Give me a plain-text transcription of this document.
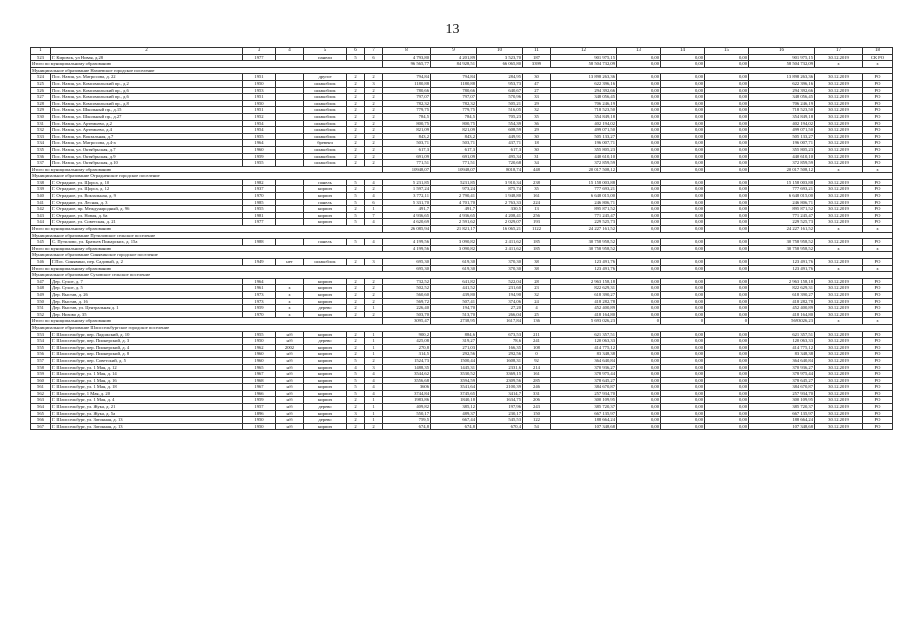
13
1	2	3	4	5	6	7	8	9	10	11	12	13	14	15	16	17	18
523	Г. Кировск, ул Новая, д.28	1977		панели	5	6	4 793,80	4 201,89	3 523,70	187	901 975,15	0,00	0,00	0,00	901 975,15	30.12.2019	СК РО
Итого по муниципальному образованию							96 565,77	84 928,51	66 065,80	3399	58 504 732,09	0,00	0,00	0,00	58 504 732,09	x	x
Муниципальное образование Назиевское городское поселение																	
524	Пос. Назия, ул. Матросова, д. 22	1951		другое	2	2	794,84	794,84	284,95	30	13 898 263,36	0,00	0,00	0,00	13 898 263,36	30.12.2019	РО
525	Пос. Назия, ул. Комсомольский пр., д.2	1950		шлакоблок	2	3	1180,88	1180,88	953,73	47	622 396,16	0,00	0,00	0,00	622 396,16	30.12.2019	РО
526	Пос. Назия, ул. Комсомольский пр., д.6	1953		шлакоблок	2	2	780,66	780,66	640,67	27	294 392,66	0,00	0,00	0,00	294 392,66	30.12.2019	РО
527	Пос. Назия, ул. Комсомольский пр., д.6	1951		шлакоблок	2	2	797,07	797,07	570,96	33	348 056,45	0,00	0,00	0,00	348 056,45	30.12.2019	РО
528	Пос. Назия, ул. Комсомольский пр., д.8	1950		шлакоблок	2	2	782,32	782,32	505,21	29	706 246,19	0,00	0,00	0,00	706 246,19	30.12.2019	РО
529	Пос. Назия, ул. Школьный пр., д.15	1951		шлакоблок	2	2	779,75	779,75	516,05	32	718 523,50	0,00	0,00	0,00	718 523,50	30.12.2019	РО
530	Пос. Назия, ул. Школьный пр., д.27	1952		шлакоблок	2	2	784,5	784,5	705,23	35	354 849,18	0,00	0,00	0,00	354 849,18	30.12.2019	РО
531	Пос. Назия, ул. Артемьево, д.2	1954		шлакоблок	2	2	800,75	800,75	554,39	36	402 194,02	0,00	0,00	0,00	402 194,02	30.12.2019	РО
532	Пос. Назия, ул. Артемьево, д.4	1954		шлакоблок	2	2	821,09	821,09	608,59	29	499 071,50	0,00	0,00	0,00	499 071,50	30.12.2019	РО
533	Пос. Назия, ул. Вокзальная, д.7	1955		шлакоблок	2	2	843,2	843,2	449,91	30	505 133,27	0,00	0,00	0,00	505 133,27	30.12.2019	РО
534	Пос. Назия, ул. Матросова, д.4-а	1964		бревенч	2	2	503,71	503,71	437,71	18	196 007,71	0,00	0,00	0,00	196 007,71	30.12.2019	РО
535	Пос. Назия, ул. Октябрьская, д.7	1960		шлакоблок	2	2	617,3	617,3	617,3	30	355 805,23	0,00	0,00	0,00	355 805,23	30.12.2019	РО
536	Пос. Назия, ул. Октябрьская, д.9	1959		шлакоблок	2	2	691,09	691,09	495,34	31	440 610,10	0,00	0,00	0,00	440 610,10	30.12.2019	РО
537	Пос. Назия, ул. Октябрьская, д.10	1955		шлакоблок	2	2	771,51	771,51	720,68	34	372 859,59	0,00	0,00	0,00	372 859,59	30.12.2019	РО
Итого по муниципальному образованию							10948,07	10948,07	8018,74	448	20 017 508,12	0,00	0,00	0,00	20 017 508,12	x	x
Муниципальное образование Отрадненское городское поселение																	
538	Г. Отрадное, ул. Щорса, д. 10	1982		панель	5	4	5 231,85	5231,85	3 910,34	238	15 158 003,88	0,00	0,00	0,00	15 158 003,88	30.12.2019	РО
539	Г. Отрадное, ул. Щорса, д. 12	1937		кирпич	2	2	1 597,24	973,24	875,74	35	777 693,21	0,00	0,00	0,00	777 693,21	30.12.2019	РО
540	Г. Отрадное, ул. Вокзальная, д. 9	1970		кирпич	5	4	3 772,11	2 790,41	1 948,80	161	6 648 015,00	0,00	0,00	0,00	6 648 015,00	30.12.2019	РО
541	Г. Отрадное, ул. Лесная, д. 3	1985		панель	5	6	5 331,70	4 701,70	2 763,33	224	246 806,71	0,00	0,00	0,00	246 806,71	30.12.2019	РО
542	Г. Отрадное, пр. Международный, д. 96	1955		кирпич	2	1	491,7	491,7	330,5	13	895 871,52	0,00	0,00	0,00	895 871,52	30.12.2019	РО
543	Г. Отрадное, ул. Новая, д. 6а	1981		кирпич	5	7	4 936,65	4 936,65	4 208,41	256	771 245,47	0,00	0,00	0,00	771 245,47	30.12.2019	РО
544	Г. Отрадное, ул. Советская, д. 21	1977		кирпич	5	4	4 620,69	2 591,62	2 029,07	193	229 525,73	0,00	0,00	0,00	229 525,73	30.12.2019	РО
Итого по муниципальному образованию							26 085,94	21 821,17	16 065,21	1122	24 227 161,52	0,00	0,00	0,00	24 227 161,52	x	x
Муниципальное образование Путиловское сельское поселение																	
545	С. Путилово, ул. Братьев Пожарских, д. 15а	1988		панель	5	4	4 199,56	3 090,82	2 411,62	185	30 758 958,52	0,00	0,00	0,00	30 758 958,52	30.12.2019	РО
Итого по муниципальному образованию							4 199,56	3 090,82	2 411,62	185	30 758 958,52	0,00	0,00	0,00	30 758 958,52	x	x
Муниципальное образование Синявинское городское поселение																	
546	Г.Пос. Синявино, пер. Садовый, д. 2	1949	нет	шлакоблок	2	3	695,30	619,30	370,30	38	123 491,76	0,00	0,00	0,00	123 491,76	30.12.2019	РО
Итого по муниципальному образованию							695,30	619,30	370,30	38	123 491,76	0,00	0,00	0,00	123 491,76	x	x
Муниципальное образование Суховское сельское поселение																	
547	Дер. Сухое, д. 7	1964		кирпич	2	2	732,52	641,82	522,04	28	2 963 158,18	0,00	0,00	0,00	2 963 158,18	30.12.2019	РО
548	Дер. Сухое, д. 5	1961	x	кирпич	2	2	502,52	441,52	231,60	23	822 629,31	0,00	0,00	0,00	822 629,31	30.12.2019	РО
549	Дер. Выстав, д. 26	1973	x	кирпич	2	2	560,60	439,80	194,90	32	618 390,27	0,00	0,00	0,00	618 390,27	30.12.2019	РО
550	Дер. Выстав, д. 16	1973	x	кирпич	2	2	569,72	507,41	374,06	24	418 282,78	0,00	0,00	0,00	418 282,78	30.12.2019	РО
551	Дер. Выстав, ул. Центральная д. 1	1959	x	дерево	2	1	226,40	194,70	27,20	4	452 400,89	0,00	0,00	0,00	452 400,89	30.12.2019	РО
552	Дер. Низово д. 35	1970	x	кирпич	2	2	503,70	513,70	266,04	25	418 164,80	0,00	0,00	0,00	418 164,80	30.12.2019	РО
Итого по муниципальному образованию							3095,47	2738,95	1617,84	136	5 693 026,23	0	0	0	5693026,23	x	x
Муниципальное образование Шлиссельбургское городское поселение																	
553	Г. Шлиссельбург, пер. Ладожский, д. 10	1955	н/б	кирпич	2	1	900,2	884,6	673,53	211	621 357,51	0,00	0,00	0,00	621 357,51	30.12.2019	РО
554	Г. Шлиссельбург, пер. Пионерский, д. 3	1950	н/б	дерево	2	1	425,08	319,27	78,6	241	120 063,33	0,00	0,00	0,00	120 063,33	30.12.2019	РО
555	Г. Шлиссельбург, пер. Пионерский, д. 4	1962	2002	кирпич	2	1	270,8	271,03	166,35	108	414 775,12	0,00	0,00	0,00	414 775,12	30.12.2019	РО
556	Г. Шлиссельбург, пер. Пионерский, д. 8	1960	н/б	кирпич	2	1	314,5	292,56	292,56	0	83 348,38	0,00	0,00	0,00	83 348,38	30.12.2019	РО
557	Г. Шлиссельбург, пер. Советский, д. 5	1960	н/б	кирпич	5	2	1524,73	1500,44	1608,31	92	364 640,84	0,00	0,00	0,00	364 640,84	30.12.2019	РО
558	Г. Шлиссельбург, ул. 1 Мая, д. 12	1965	н/б	кирпич	4	3	1488,35	1445,31	2331,6	214	370 936,27	0,00	0,00	0,00	370 936,27	30.12.2019	РО
559	Г. Шлиссельбург, ул. 1 Мая, д. 14	1967	н/б	кирпич	5	4	3544,62	3530,52	3369,15	161	378 975,44	0,00	0,00	0,00	378 975,44	30.12.2019	РО
560	Г. Шлиссельбург, ул. 1 Мая, д. 16	1968	н/б	кирпич	5	4	3556,68	3594,59	2309,56	285	378 645,27	0,00	0,00	0,00	378 645,27	30.12.2019	РО
561	Г. Шлиссельбург, ул. 1 Мая, д. 18	1967	н/б	кирпич	5	4	3606	3541,64	2100,39	246	384 670,87	0,00	0,00	0,00	384 670,87	30.12.2019	РО
562	Г. Шлиссельбург, 1 Мая, д. 20	1966	н/б	кирпич	5	4	3744,84	3745,65	3414,7	331	257 934,70	0,00	0,00	0,00	257 934,70	30.12.2019	РО
563	Г. Шлиссельбург, ул. 1 Мая, д. 4	1959	н/б	кирпич	2	1	1983,86	1840,18	1634,75	206	300 109,95	0,00	0,00	0,00	300 109,95	30.12.2019	РО
564	Г. Шлиссельбург, ул. Жука, д. 21	1957	н/б	дерево	2	1	409,82	385,12	197,96	243	385 720,37	0,00	0,00	0,00	385 720,37	30.12.2019	РО
565	Г. Шлиссельбург, ул. Жука, д. 5а	1896	н/б	кирпич	3	1	550,17	489,37	230,17	150	667 135,97	0,00	0,00	0,00	667 135,97	30.12.2019	РО
566	Г. Шлиссельбург, ул. Затонная, д. 13	1950	н/б	дерево	2	1	759,5	667,44	545,53	122	188 664,24	0,00	0,00	0,00	188 664,24	30.12.2019	РО
567	Г. Шлиссельбург, ул. Затонная, д. 13	1950	н/б	кирпич	2	2	674,8	674,8	670,4	54	107 348,68	0,00	0,00	0,00	107 348,68	30.12.2019	РО
